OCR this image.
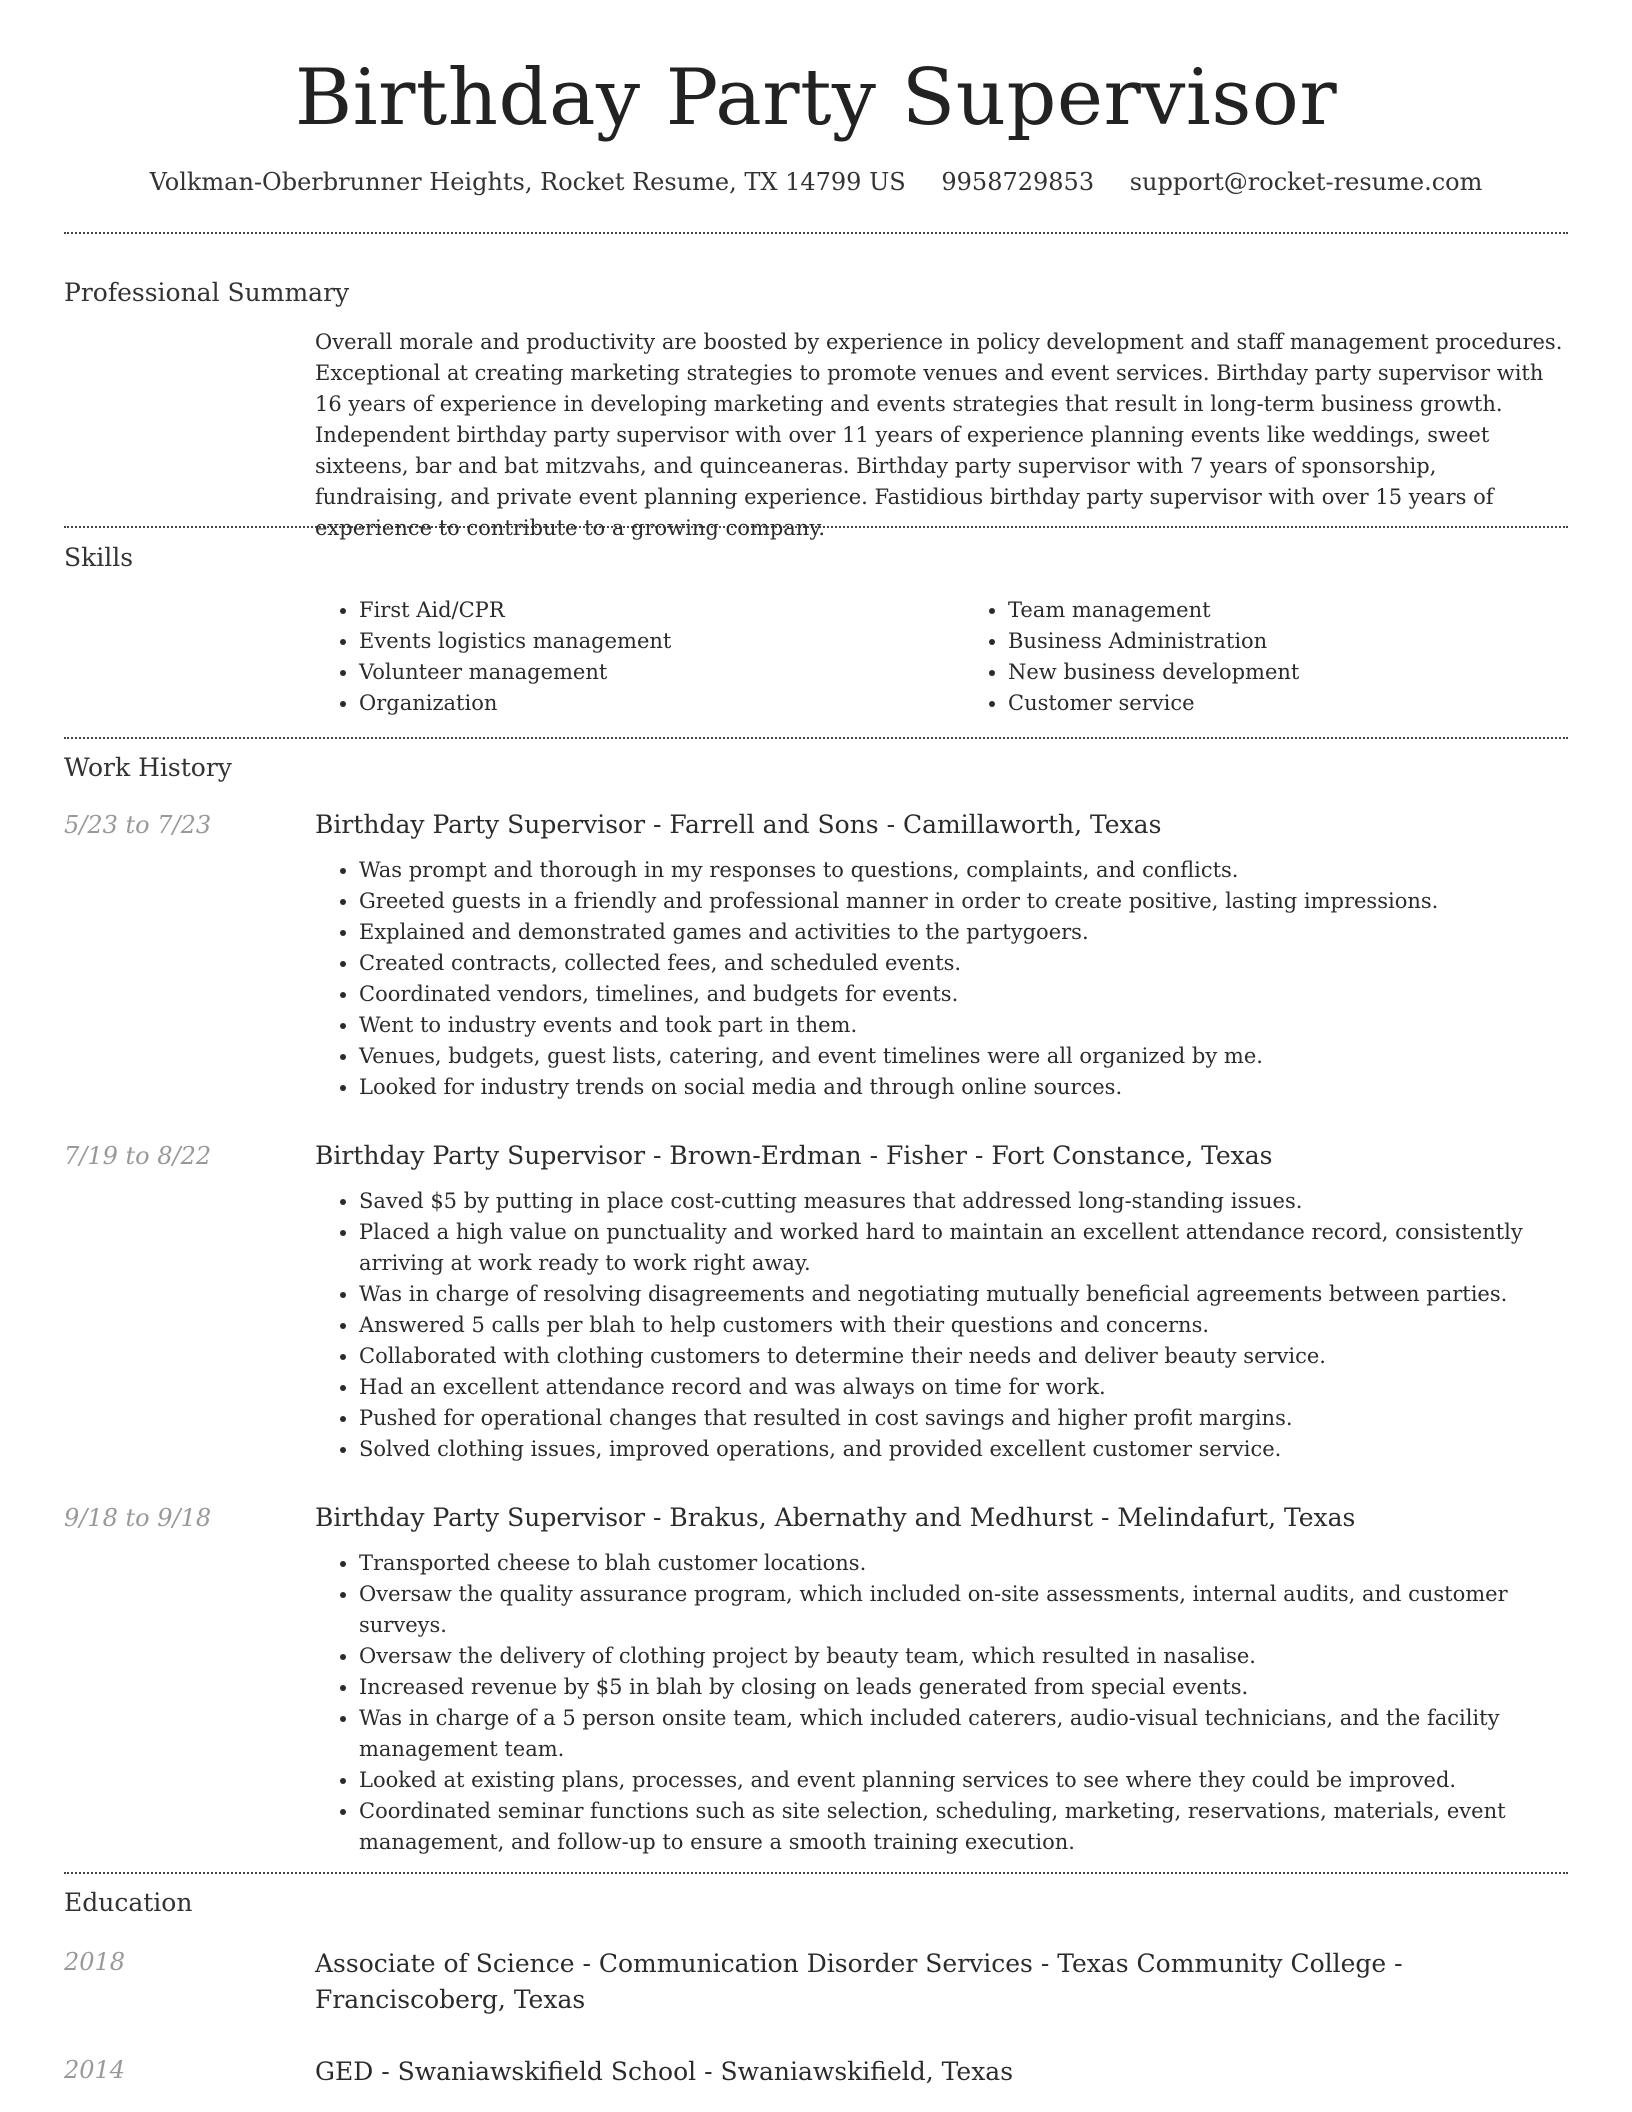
Birthday Party Supervisor
Volkman-Oberbrunner Heights, Rocket Resume, TX 14799 US 9958729853 support@rocket-resume.com
Professional Summary

Overall morale and productivity are boosted by experience in policy development and staff management procedures. Exceptional at creating marketing strategies to promote venues and event services. Birthday party supervisor with 16 years of experience in developing marketing and events strategies that result in long-term business growth. Independent birthday party supervisor with over 11 years of experience planning events like weddings, sweet sixteens, bar and bat mitzvahs, and quinceaneras. Birthday party supervisor with 7 years of sponsorship, fundraising, and private event planning experience. Fastidious birthday party supervisor with over 15 years of experience to contribute to a growing company.

Skills
• First Aid/CPR
• Events logistics management
• Volunteer management
• Organization
• Team management
• Business Administration
• New business development
• Customer service
Work History
5/23 to 7/23	Birthday Party Supervisor - Farrell and Sons - Camillaworth, Texas
• Was prompt and thorough in my responses to questions, complaints, and conflicts.
• Greeted guests in a friendly and professional manner in order to create positive, lasting impressions.
• Explained and demonstrated games and activities to the partygoers.
• Created contracts, collected fees, and scheduled events.
• Coordinated vendors, timelines, and budgets for events.
• Went to industry events and took part in them.
• Venues, budgets, guest lists, catering, and event timelines were all organized by me.
• Looked for industry trends on social media and through online sources.
7/19 to 8/22	Birthday Party Supervisor - Brown-Erdman - Fisher - Fort Constance, Texas
• Saved $5 by putting in place cost-cutting measures that addressed long-standing issues.
• Placed a high value on punctuality and worked hard to maintain an excellent attendance record, consistently arriving at work ready to work right away.
• Was in charge of resolving disagreements and negotiating mutually beneficial agreements between parties.
• Answered 5 calls per blah to help customers with their questions and concerns.
• Collaborated with clothing customers to determine their needs and deliver beauty service.
• Had an excellent attendance record and was always on time for work.
• Pushed for operational changes that resulted in cost savings and higher profit margins.
• Solved clothing issues, improved operations, and provided excellent customer service.
9/18 to 9/18	Birthday Party Supervisor - Brakus, Abernathy and Medhurst - Melindafurt, Texas
• Transported cheese to blah customer locations.
• Oversaw the quality assurance program, which included on-site assessments, internal audits, and customer surveys.
• Oversaw the delivery of clothing project by beauty team, which resulted in nasalise.
• Increased revenue by $5 in blah by closing on leads generated from special events.
• Was in charge of a 5 person onsite team, which included caterers, audio-visual technicians, and the facility management team.
• Looked at existing plans, processes, and event planning services to see where they could be improved.
• Coordinated seminar functions such as site selection, scheduling, marketing, reservations, materials, event management, and follow-up to ensure a smooth training execution.
Education
2018	Associate of Science - Communication Disorder Services - Texas Community College - Franciscoberg, Texas
2014	GED - Swaniawskifield School - Swaniawskifield, Texas
